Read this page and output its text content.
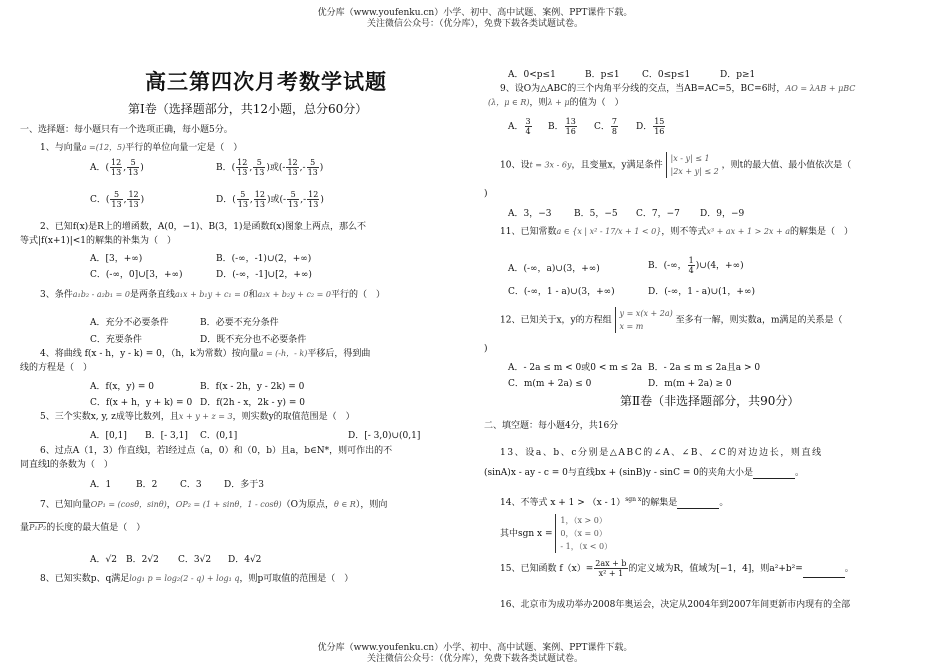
优分库（www.youfenku.cn）小学、初中、高中试题、案例、PPT课件下载。
关注微信公众号：（优分库），免费下载各类试题试卷。
高三第四次月考数学试题
第Ⅰ卷（选择题部分，共12小题，总分60分）
一、选择题：每小题只有一个选项正确，每小题5分。
1、与向量a =(12，5)平行的单位向量一定是（　）
A．( $\frac{12}{13}$ , $\frac{5}{13}$ )	B．( $\frac{12}{13}$ , $\frac{5}{13}$ )或(- $\frac{12}{13}$ ,- $\frac{5}{13}$ )
C．( $\frac{5}{13}$ , $\frac{12}{13}$ )	D．( $\frac{5}{13}$ , $\frac{12}{13}$ )或(- $\frac{5}{13}$ ,- $\frac{12}{13}$ )
2、已知f(x)是R上的增函数，A(0，−1)、B(3，1)是函数f(x)图象上两点，那么不
等式|f(x+1)|<1的解集的补集为（　）
A．[3，+∞)	B．(-∞，-1)∪(2，+∞)
C．(-∞，0]∪[3，+∞)	D．(-∞，-1]∪[2，+∞)
3、条件a₁b₂ - a₂b₁ = 0是两条直线a₁x + b₁y + c₁ = 0和a₂x + b₂y + c₂ = 0平行的（　）
A．充分不必要条件	B．必要不充分条件
C．充要条件	D．既不充分也不必要条件
4、将曲线 f(x - h，y - k) = 0，（h，k为常数）按向量a = (-h，- k)平移后，得到曲
线的方程是（　）
A．f(x，y) = 0	B．f(x - 2h，y - 2k) = 0
C．f(x + h，y + k) = 0 D．f(2h - x，2k - y) = 0
5、三个实数x, y, z成等比数列，且x + y + z = 3，则实数y的取值范围是（　）
A．[0,1] B．[- 3,1] C．(0,1]	D．[- 3,0)∪(0,1]
6、过点A（1，3）作直线l，若l经过点（a，0）和（0，b）且a，b∈N*，则可作出的不
同直线l的条数为（　）
A．1	B．2	C．3 D．多于3
7、已知向量OP₁ = (cosθ，sinθ)，OP₂ = (1 + sinθ，1 - cosθ)（O为原点，θ ∈ R），则向
量P₁P₂的长度的最大值是（　）
A．√2 B．2√2 C．3√2 D．4√2
8、已知实数p、q满足log₁ p = log₂(2 - q) + log₁ q，则p可取值的范围是（　）
A．0<p≤1	B．p≤1 C．0≤p≤1	D．p≥1
9、设O为△ABC的三个内角平分线的交点，当AB=AC=5，BC=6时，AO = λAB + μBC
(λ，μ ∈ R)，则λ + μ的值为（　）
A． $\frac{3}{4}$ B． $\frac{13}{16}$ C． $\frac{7}{8}$ D． $\frac{15}{16}$
10、设t = 3x - 6y，且变量x，y满足条件 |x - y| ≤ 1
|2x + y| ≤ 2 ，则t的最大值、最小值依次是（
)
A．3，−3	B．5，−5 C．7，−7 D．9，−9
11、已知常数a ∈ {x | x² - 17/x + 1 < 0}，则不等式x³ + ax + 1 > 2x + a的解集是（　）
A．(-∞，a)∪(3，+∞)	B．(-∞， $\frac{1}{4}$ )∪(4，+∞)
C．(-∞，1 - a)∪(3，+∞)	D．(-∞，1 - a)∪(1，+∞)
12、已知关于x，y的方程组 y = x(x + 2a)
x = m 至多有一解，则实数a，m满足的关系是（
)
A．- 2a ≤ m < 0或0 < m ≤ 2a B．- 2a ≤ m ≤ 2a且a > 0
C．m(m + 2a) ≤ 0	D．m(m + 2a) ≥ 0
第Ⅱ卷（非选择题部分，共90分）
二、填空题：每小题4分，共16分
13、设a、b、c分别是△ABC的∠A、∠B、∠C的对边边长，则直线
(sinA)x - ay - c = 0与直线bx + (sinB)y - sinC = 0的夹角大小是	。
14、不等式 x + 1 > （x - 1）$^{sgn x}$的解集是	。
其中sgn x = 1，（x > 0）
0，（x = 0）
- 1，（x < 0）
15、已知函数 $f(x)= \frac{2ax + b}{\text{x² + 1}}$ 的定义域为R，值域为[−1，4]，则a²+b²=	。
16、北京市为成功举办2008年奥运会，决定从2004年到2007年间更新市内现有的全部
优分库（www.youfenku.cn）小学、初中、高中试题、案例、PPT课件下载。
关注微信公众号：（优分库），免费下载各类试题试卷。
